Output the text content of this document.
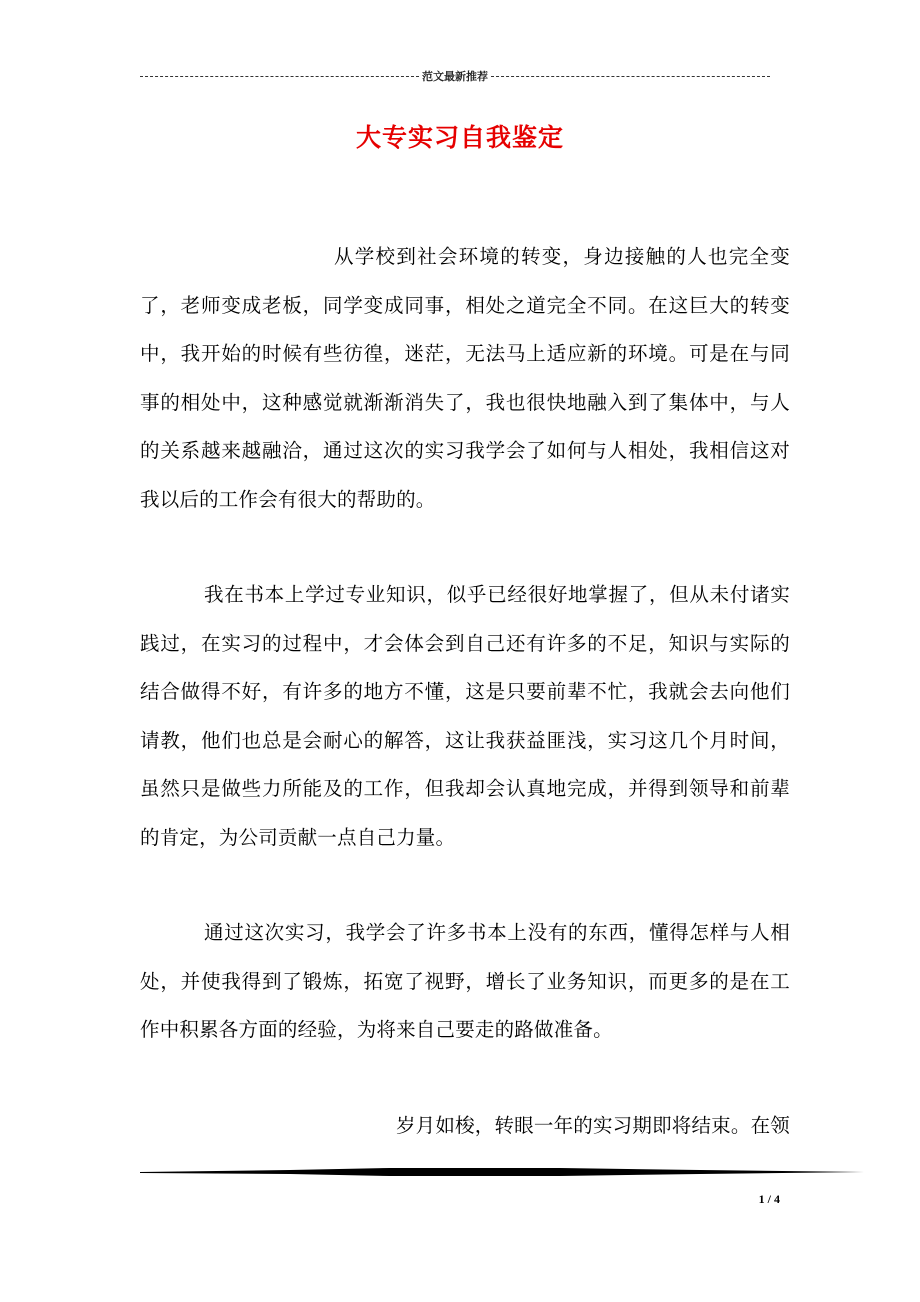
范文最新推荐
大专实习自我鉴定

从学校到社会环境的转变，身边接触的人也完全变了，老师变成老板，同学变成同事，相处之道完全不同。在这巨大的转变中，我开始的时候有些彷徨，迷茫，无法马上适应新的环境。可是在与同事的相处中，这种感觉就渐渐消失了，我也很快地融入到了集体中，与人的关系越来越融洽，通过这次的实习我学会了如何与人相处，我相信这对我以后的工作会有很大的帮助的。

我在书本上学过专业知识，似乎已经很好地掌握了，但从未付诸实践过，在实习的过程中，才会体会到自己还有许多的不足，知识与实际的结合做得不好，有许多的地方不懂，这是只要前辈不忙，我就会去向他们请教，他们也总是会耐心的解答，这让我获益匪浅，实习这几个月时间，虽然只是做些力所能及的工作，但我却会认真地完成，并得到领导和前辈的肯定，为公司贡献一点自己力量。

通过这次实习，我学会了许多书本上没有的东西，懂得怎样与人相处，并使我得到了锻炼，拓宽了视野，增长了业务知识，而更多的是在工作中积累各方面的经验，为将来自己要走的路做准备。

岁月如梭，转眼一年的实习期即将结束。在领

1 / 4
